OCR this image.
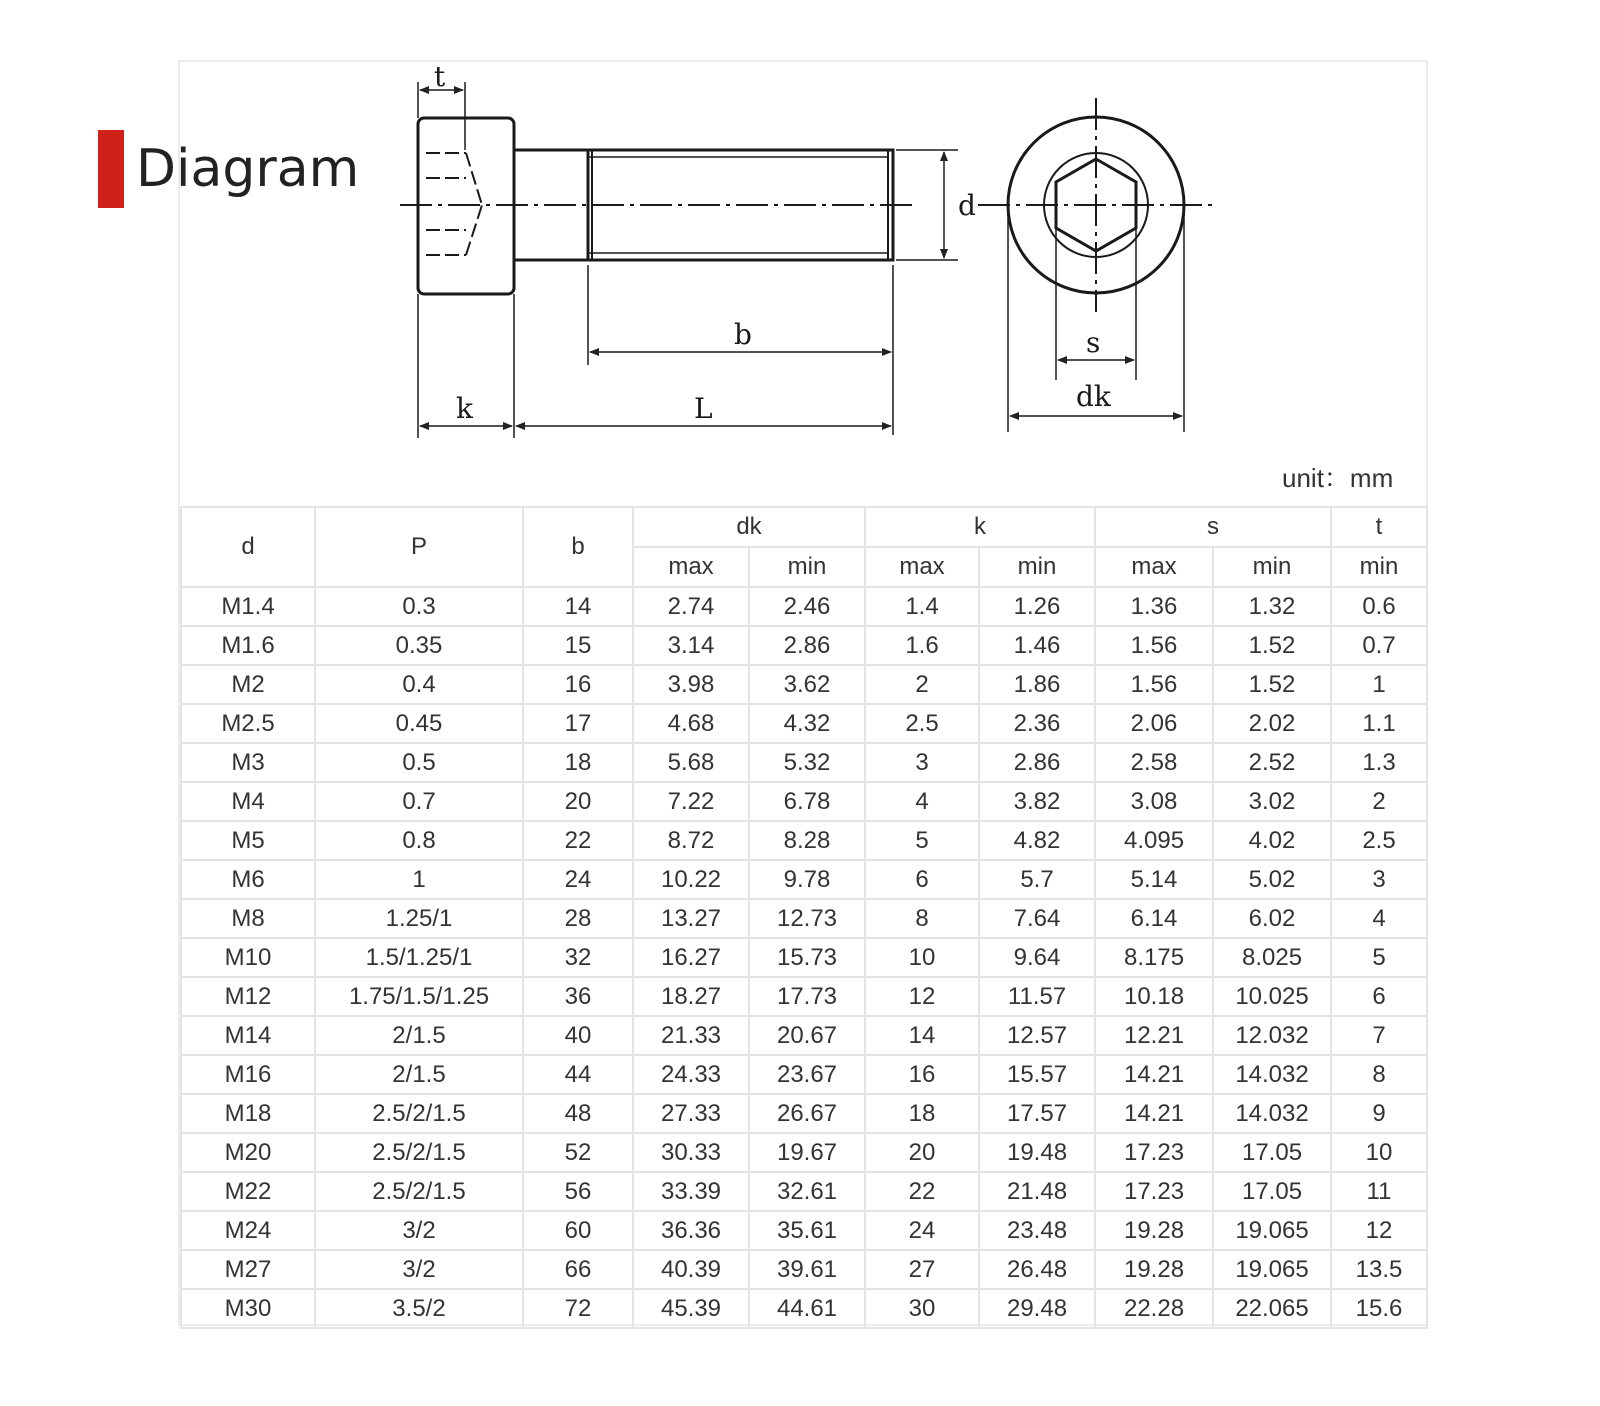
Diagram
t
d
b
k	L
s
dk
unit：mm
d	P	b	dk		k		s		t
			max	min	max	min	max	min	min
M1.4	0.3	14	2.74	2.46	1.4	1.26	1.36	1.32	0.6
M1.6	0.35	15	3.14	2.86	1.6	1.46	1.56	1.52	0.7
M2	0.4	16	3.98	3.62	2	1.86	1.56	1.52	1
M2.5	0.45	17	4.68	4.32	2.5	2.36	2.06	2.02	1.1
M3	0.5	18	5.68	5.32	3	2.86	2.58	2.52	1.3
M4	0.7	20	7.22	6.78	4	3.82	3.08	3.02	2
M5	0.8	22	8.72	8.28	5	4.82	4.095	4.02	2.5
M6	1	24	10.22	9.78	6	5.7	5.14	5.02	3
M8	1.25/1	28	13.27	12.73	8	7.64	6.14	6.02	4
M10	1.5/1.25/1	32	16.27	15.73	10	9.64	8.175	8.025	5
M12	1.75/1.5/1.25	36	18.27	17.73	12	11.57	10.18	10.025	6
M14	2/1.5	40	21.33	20.67	14	12.57	12.21	12.032	7
M16	2/1.5	44	24.33	23.67	16	15.57	14.21	14.032	8
M18	2.5/2/1.5	48	27.33	26.67	18	17.57	14.21	14.032	9
M20	2.5/2/1.5	52	30.33	19.67	20	19.48	17.23	17.05	10
M22	2.5/2/1.5	56	33.39	32.61	22	21.48	17.23	17.05	11
M24	3/2	60	36.36	35.61	24	23.48	19.28	19.065	12
M27	3/2	66	40.39	39.61	27	26.48	19.28	19.065	13.5
M30	3.5/2	72	45.39	44.61	30	29.48	22.28	22.065	15.6
